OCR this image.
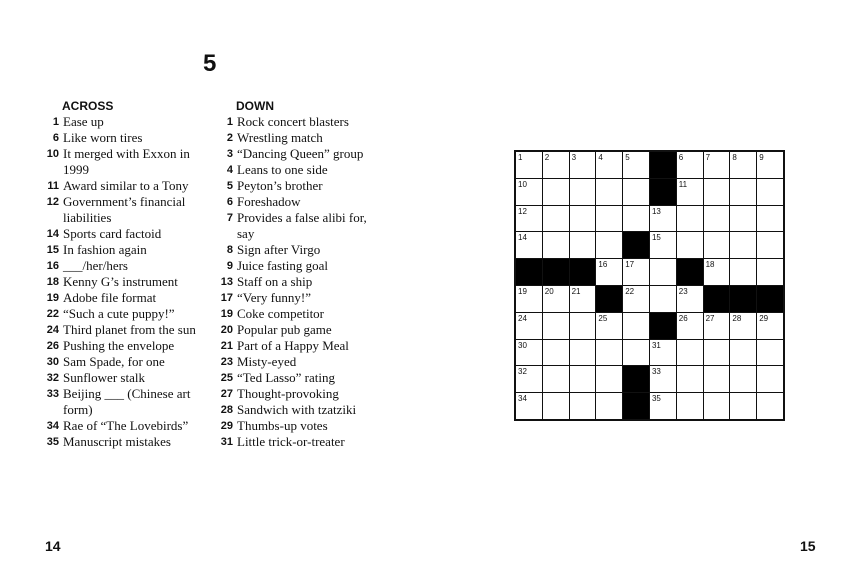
5
ACROSS
1 Ease up
6 Like worn tires
10 It merged with Exxon in 1999
11 Award similar to a Tony
12 Government’s financial liabilities
14 Sports card factoid
15 In fashion again
16 ___/her/hers
18 Kenny G’s instrument
19 Adobe file format
22 “Such a cute puppy!”
24 Third planet from the sun
26 Pushing the envelope
30 Sam Spade, for one
32 Sunflower stalk
33 Beijing ___ (Chinese art form)
34 Rae of “The Lovebirds”
35 Manuscript mistakes
DOWN
1 Rock concert blasters
2 Wrestling match
3 “Dancing Queen” group
4 Leans to one side
5 Peyton’s brother
6 Foreshadow
7 Provides a false alibi for, say
8 Sign after Virgo
9 Juice fasting goal
13 Staff on a ship
17 “Very funny!”
19 Coke competitor
20 Popular pub game
21 Part of a Happy Meal
23 Misty-eyed
25 “Ted Lasso” rating
27 Thought-provoking
28 Sandwich with tzatziki
29 Thumbs-up votes
31 Little trick-or-treater
1	2	3	4	5	6	7	8	9
10	11
12	13
14	15
16 17	18
19 20 21	22	23
24	25	26 27 28 29
30	31
32	33
34	35
14	15
